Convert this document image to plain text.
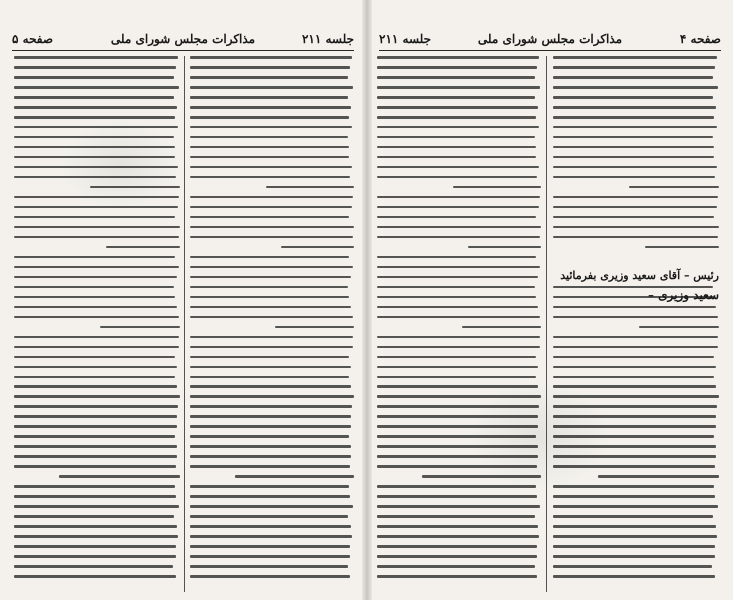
جلسه ۲۱۱
مذاکرات مجلس شورای ملی
صفحه ۵	صفحه ۴
مذاکرات مجلس شورای ملی
جلسه ۲۱۱
رئیس – آقای سعید وزیری بفرمائید
سعید وزیری –
